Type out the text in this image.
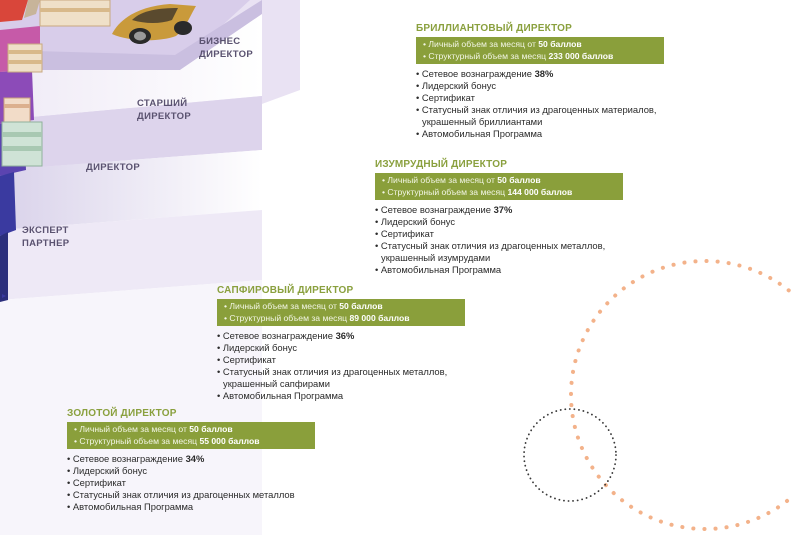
БИЗНЕС
ДИРЕКТОР
СТАРШИЙ
ДИРЕКТОР
ДИРЕКТОР
ЭКСПЕРТ
ПАРТНЕР
БРИЛЛИАНТОВЫЙ ДИРЕКТОР
• Личный объем за месяц от 50 баллов
• Структурный объем за месяц 233 000 баллов
• Сетевое вознаграждение 38%
• Лидерский бонус
• Сертификат
• Статусный знак отличия из драгоценных материалов,
украшенный бриллиантами
• Автомобильная Программа
ИЗУМРУДНЫЙ ДИРЕКТОР
• Личный объем за месяц от 50 баллов
• Структурный объем за месяц 144 000 баллов
• Сетевое вознаграждение 37%
• Лидерский бонус
• Сертификат
• Статусный знак отличия из драгоценных металлов,
украшенный изумрудами
• Автомобильная Программа
САПФИРОВЫЙ ДИРЕКТОР
• Личный объем за месяц от 50 баллов
• Структурный объем за месяц 89 000 баллов
• Сетевое вознаграждение 36%
• Лидерский бонус
• Сертификат
• Статусный знак отличия из драгоценных металлов,
украшенный сапфирами
• Автомобильная Программа
ЗОЛОТОЙ ДИРЕКТОР
• Личный объем за месяц от 50 баллов
• Структурный объем за месяц 55 000 баллов
• Сетевое вознаграждение 34%
• Лидерский бонус
• Сертификат
• Статусный знак отличия из драгоценных металлов
• Автомобильная Программа
